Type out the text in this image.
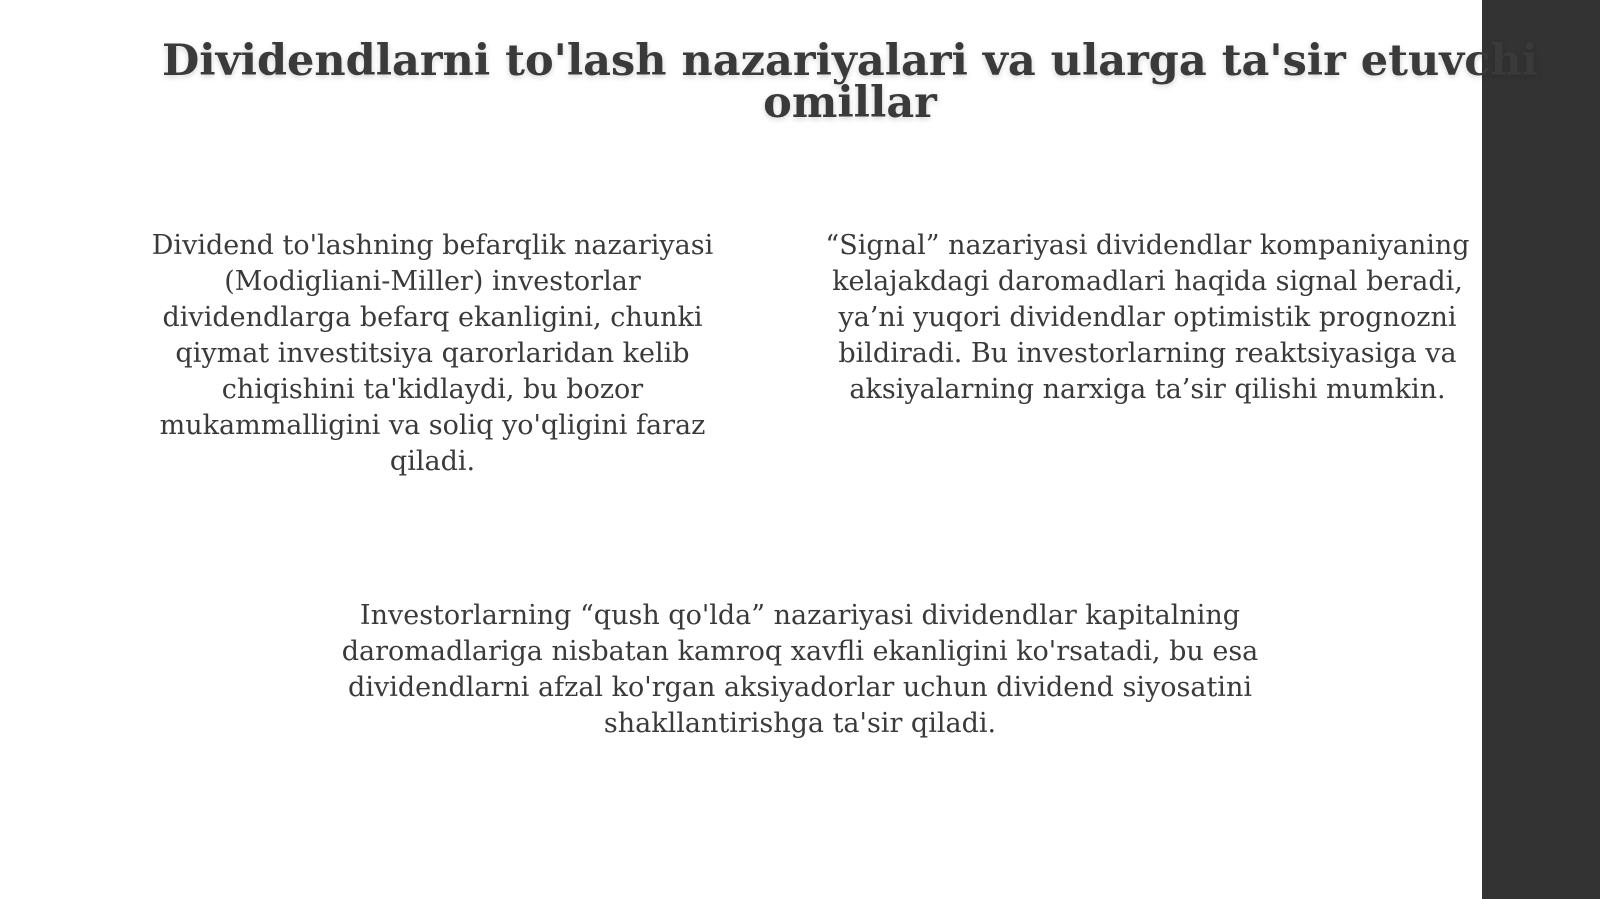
Dividendlarni to'lash nazariyalari va ularga ta'sir etuvchi
omillar

Dividend to'lashning befarqlik nazariyasi
(Modigliani-Miller) investorlar
dividendlarga befarq ekanligini, chunki
qiymat investitsiya qarorlaridan kelib
chiqishini ta'kidlaydi, bu bozor
mukammalligini va soliq yo'qligini faraz
qiladi.

“Signal” nazariyasi dividendlar kompaniyaning
kelajakdagi daromadlari haqida signal beradi,
ya’ni yuqori dividendlar optimistik prognozni
bildiradi. Bu investorlarning reaktsiyasiga va
aksiyalarning narxiga ta’sir qilishi mumkin.

Investorlarning “qush qo'lda” nazariyasi dividendlar kapitalning
daromadlariga nisbatan kamroq xavfli ekanligini ko'rsatadi, bu esa
dividendlarni afzal ko'rgan aksiyadorlar uchun dividend siyosatini
shakllantirishga ta'sir qiladi.
